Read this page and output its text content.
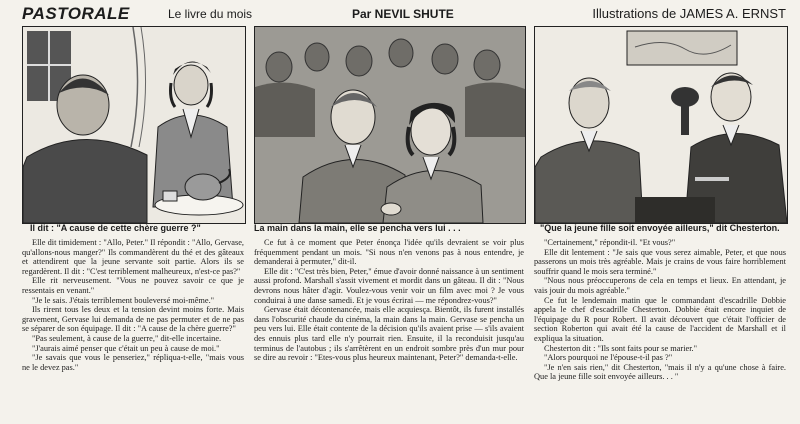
PASTORALE	Le livre du mois	Par NEVIL SHUTE	Illustrations de JAMES A. ERNST
Il dit : "A cause de cette chère guerre ?"	La main dans la main, elle se pencha vers lui . . .	"Que la jeune fille soit envoyée ailleurs," dit Chesterton.

Elle dit timidement : "Allo, Peter." Il répondit : "Allo, Gervase, qu'allons-nous manger?" Ils commandèrent du thé et des gâteaux et attendirent que la jeune servante soit partie. Alors ils se regardèrent. Il dit : "C'est terriblement malheureux, n'est-ce pas?"

Elle rit nerveusement. "Vous ne pouvez savoir ce que je ressentais en venant."

"Je le sais. J'étais terriblement bouleversé moi-même."

Ils rirent tous les deux et la tension devint moins forte. Mais gravement, Gervase lui demanda de ne pas permuter et de ne pas se séparer de son équipage. Il dit : "A cause de la chère guerre?"

"Pas seulement, à cause de la guerre," dit-elle incertaine.

"J'aurais aimé penser que c'était un peu à cause de moi."

"Je savais que vous le penseriez," répliqua-t-elle, "mais vous ne le devez pas."

Ce fut à ce moment que Peter énonça l'idée qu'ils devraient se voir plus fréquemment pendant un mois. "Si nous n'en venons pas à nous entendre, je demanderai à permuter," dit-il.

Elle dit : "C'est très bien, Peter," émue d'avoir donné naissance à un sentiment aussi profond. Marshall s'assit vivement et mordit dans un gâteau. Il dit : "Nous devrons nous hâter d'agir. Voulez-vous venir voir un film avec moi ? Je vous conduirai à une danse samedi. Et je vous écrirai — me répondrez-vous?"

Gervase était décontenancée, mais elle acquiesça. Bientôt, ils furent installés dans l'obscurité chaude du cinéma, la main dans la main. Gervase se pencha un peu vers lui. Elle était contente de la décision qu'ils avaient prise — s'ils avaient des ennuis plus tard elle n'y pourrait rien. Ensuite, il la reconduisit jusqu'au terminus de l'autobus ; ils s'arrêtèrent en un endroit sombre près d'un mur pour se dire au revoir : "Etes-vous plus heureux maintenant, Peter?" demanda-t-elle.

"Certainement," répondit-il. "Et vous?"

Elle dit lentement : "Je sais que vous serez aimable, Peter, et que nous passerons un mois très agréable. Mais je crains de vous faire horriblement souffrir quand le mois sera terminé."

"Nous nous préoccuperons de cela en temps et lieux. En attendant, je vais jouir du mois agréable."

Ce fut le lendemain matin que le commandant d'escadrille Dobbie appela le chef d'escadrille Chesterton. Dobbie était encore inquiet de l'équipage du R pour Robert. Il avait découvert que c'était l'officier de section Roberton qui avait été la cause de l'accident de Marshall et il expliqua la situation.

Chesterton dit : "Ils sont faits pour se marier."

"Alors pourquoi ne l'épouse-t-il pas ?"

"Je n'en sais rien," dit Chesterton, "mais il n'y a qu'une chose à faire. Que la jeune fille soit envoyée ailleurs. . . "
